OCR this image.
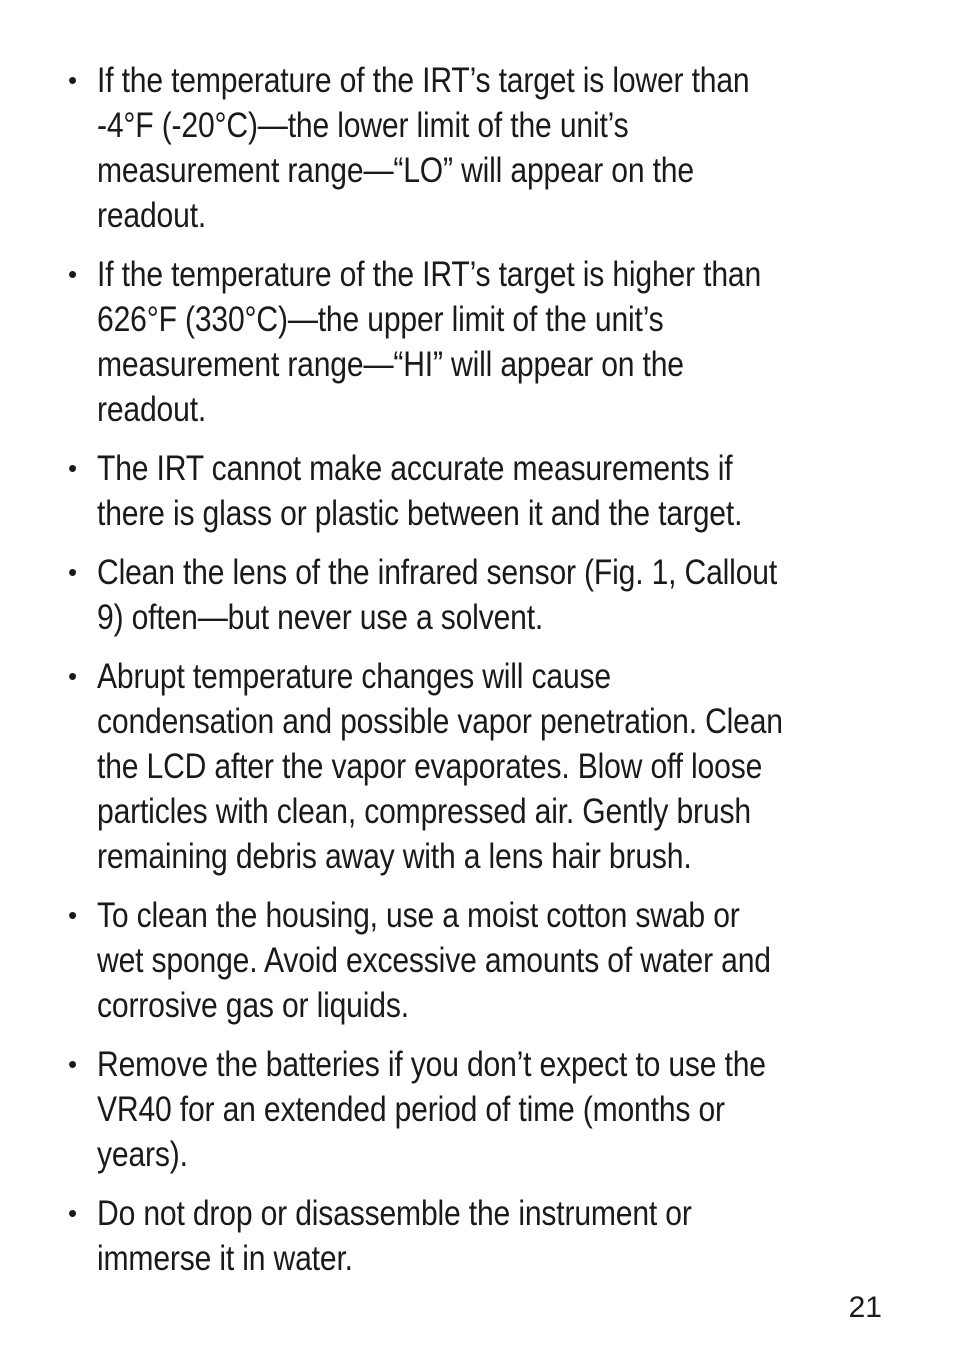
• If the temperature of the IRT’s target is lower than -4°F (-20°C)—the lower limit of the unit’s measurement range—“LO” will appear on the readout.
• If the temperature of the IRT’s target is higher than 626°F (330°C)—the upper limit of the unit’s measurement range—“HI” will appear on the readout.
• The IRT cannot make accurate measurements if there is glass or plastic between it and the target.
• Clean the lens of the infrared sensor (Fig. 1, Callout 9) often—but never use a solvent.
• Abrupt temperature changes will cause condensation and possible vapor penetration. Clean the LCD after the vapor evaporates. Blow off loose particles with clean, compressed air. Gently brush remaining debris away with a lens hair brush.
• To clean the housing, use a moist cotton swab or wet sponge. Avoid excessive amounts of water and corrosive gas or liquids.
• Remove the batteries if you don’t expect to use the VR40 for an extended period of time (months or years).
• Do not drop or disassemble the instrument or immerse it in water.
21
